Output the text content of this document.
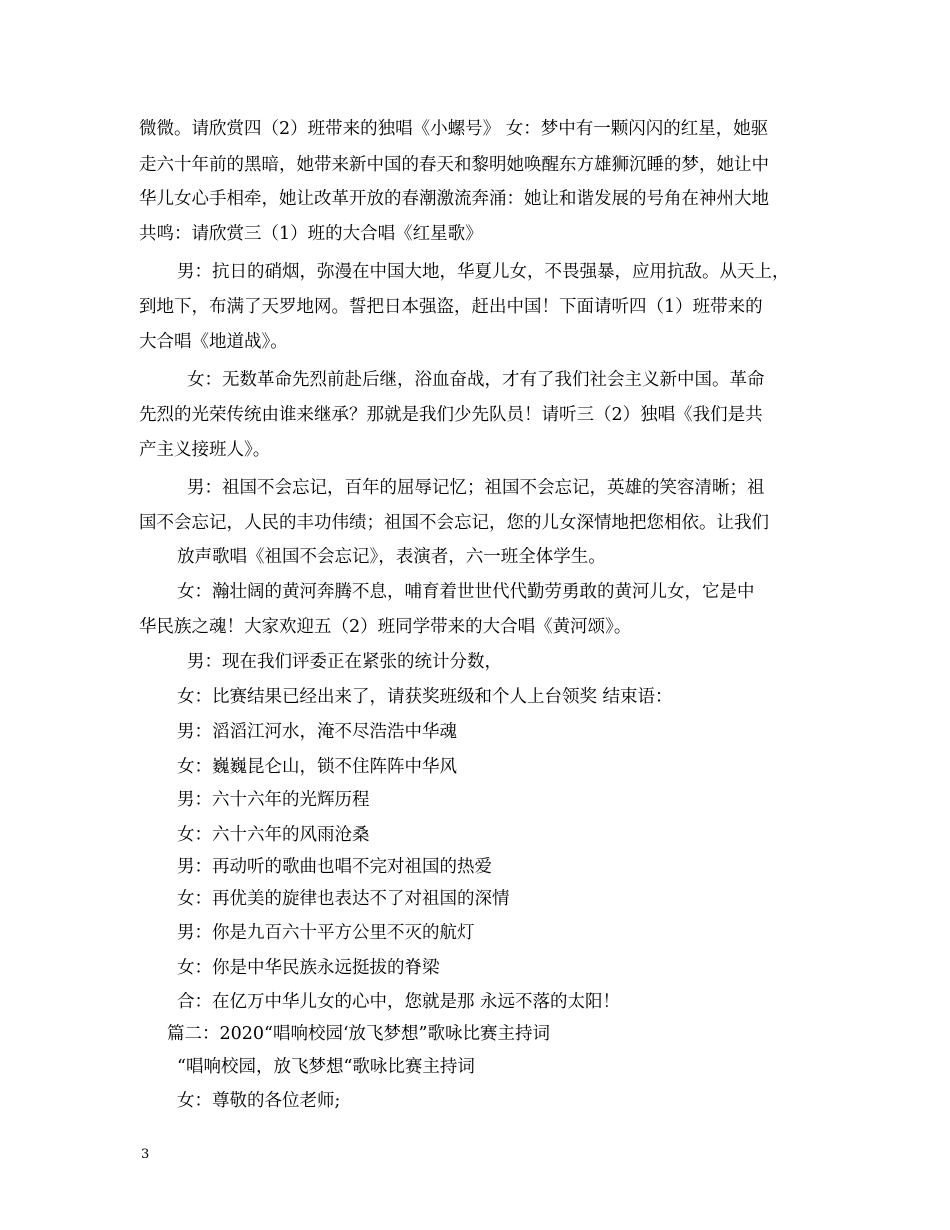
微微。请欣赏四（2）班带来的独唱《小螺号》 女：梦中有一颗闪闪的红星，她驱
走六十年前的黑暗，她带来新中国的春天和黎明她唤醒东方雄狮沉睡的梦，她让中
华儿女心手相牵，她让改革开放的春潮激流奔涌：她让和谐发展的号角在神州大地
共鸣：请欣赏三（1）班的大合唱《红星歌》
男：抗日的硝烟，弥漫在中国大地，华夏儿女，不畏强暴，应用抗敌。从天上，
到地下，布满了天罗地网。誓把日本强盗，赶出中国！下面请听四（1）班带来的
大合唱《地道战》。
女：无数革命先烈前赴后继，浴血奋战，才有了我们社会主义新中国。革命
先烈的光荣传统由谁来继承？那就是我们少先队员！请听三（2）独唱《我们是共
产主义接班人》。
男：祖国不会忘记，百年的屈辱记忆；祖国不会忘记，英雄的笑容清晰；祖
国不会忘记，人民的丰功伟绩；祖国不会忘记，您的儿女深情地把您相依。让我们
放声歌唱《祖国不会忘记》，表演者，六一班全体学生。
女：瀚壮阔的黄河奔腾不息，哺育着世世代代勤劳勇敢的黄河儿女，它是中
华民族之魂！大家欢迎五（2）班同学带来的大合唱《黄河颂》。
男：现在我们评委正在紧张的统计分数，
女：比赛结果已经出来了，请获奖班级和个人上台领奖 结束语：
男：滔滔江河水，淹不尽浩浩中华魂
女：巍巍昆仑山，锁不住阵阵中华风
男：六十六年的光辉历程
女：六十六年的风雨沧桑
男：再动听的歌曲也唱不完对祖国的热爱
女：再优美的旋律也表达不了对祖国的深情
男：你是九百六十平方公里不灭的航灯
女：你是中华民族永远挺拔的脊梁
合：在亿万中华儿女的心中，您就是那 永远不落的太阳！
篇二：2020“唱响校园‘放飞梦想”歌咏比赛主持词
“唱响校园，放飞梦想“歌咏比赛主持词
女：尊敬的各位老师;
3
